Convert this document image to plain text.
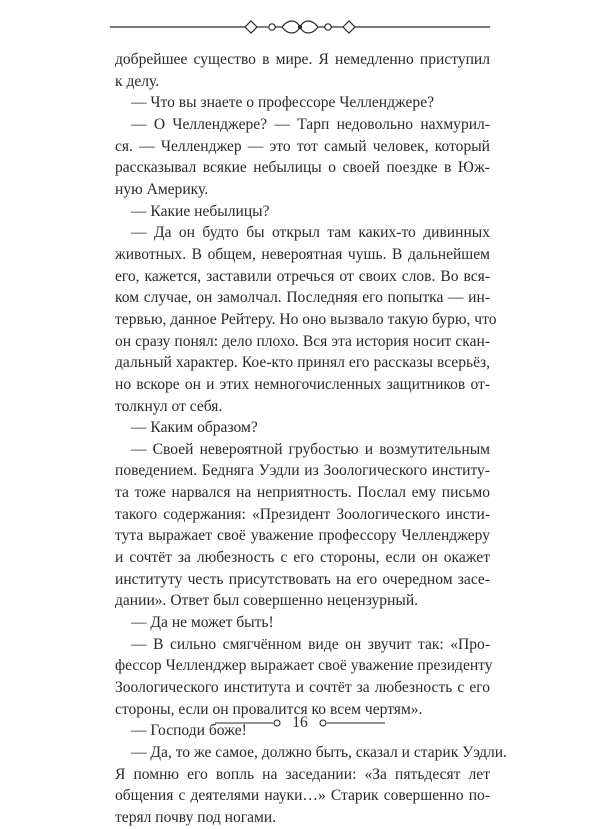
добрейшее существо в мире. Я немедленно приступил
к делу.

— Что вы знаете о профессоре Челленджере?

— О Челленджере? — Тарп недовольно нахмурил-
ся. — Челленджер — это тот самый человек, который
рассказывал всякие небылицы о своей поездке в Юж-
ную Америку.

— Какие небылицы?

— Да он будто бы открыл там каких-то дивинных
животных. В общем, невероятная чушь. В дальнейшем
его, кажется, заставили отречься от своих слов. Во вся-
ком случае, он замолчал. Последняя его попытка — ин-
тервью, данное Рейтеру. Но оно вызвало такую бурю, что
он сразу понял: дело плохо. Вся эта история носит скан-
дальный характер. Кое-кто принял его рассказы всерьёз,
но вскоре он и этих немногочисленных защитников от-
толкнул от себя.

— Каким образом?

— Своей невероятной грубостью и возмутительным
поведением. Бедняга Уэдли из Зоологического институ-
та тоже нарвался на неприятность. Послал ему письмо
такого содержания: «Президент Зоологического инсти-
тута выражает своё уважение профессору Челленджеру
и сочтёт за любезность с его стороны, если он окажет
институту честь присутствовать на его очередном засе-
дании». Ответ был совершенно нецензурный.

— Да не может быть!

— В сильно смягчённом виде он звучит так: «Про-
фессор Челленджер выражает своё уважение президенту
Зоологического института и сочтёт за любезность с его
стороны, если он провалится ко всем чертям».

— Господи боже!

— Да, то же самое, должно быть, сказал и старик Уэдли.
Я помню его вопль на заседании: «За пятьдесят лет
общения с деятелями науки…» Старик совершенно по-
терял почву под ногами.

16
